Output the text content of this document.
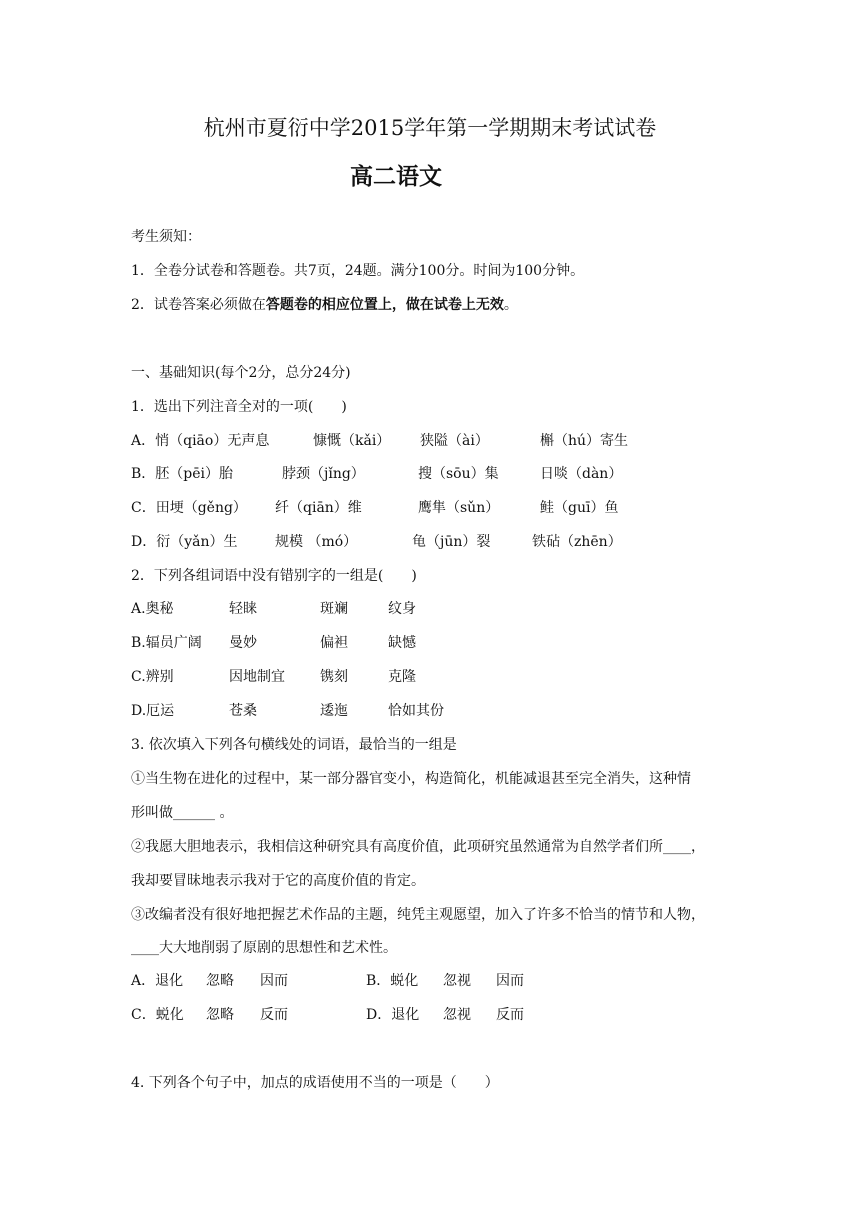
杭州市夏衍中学2015学年第一学期期末考试试卷
高二语文
考生须知：
1．全卷分试卷和答题卷。共7页，24题。满分100分。时间为100分钟。
2．试卷答案必须做在答题卷的相应位置上，做在试卷上无效。
一、基础知识(每个2分，总分24分)
1．选出下列注音全对的一项(　　)
A．悄（qiāo）无声息	慷慨（kǎi） 狭隘（ài）	槲（hú）寄生
B．胚（pēi）胎	脖颈（jǐng）	搜（sōu）集	日啖（dàn）
C．田埂（gěng） 纤（qiān）维	鹰隼（sǔn）	鲑（guī）鱼
D．衍（yǎn）生	规模 （mó）	龟（jūn）裂	铁砧（zhēn）
2．下列各组词语中没有错别字的一组是(　　)
A.奥秘	轻睐	斑斓	纹身
B.辐员广阔 曼妙	偏袒	缺憾
C.辨别	因地制宜	镌刻	克隆
D.厄运	苍桑	逶迤	恰如其份
3. 依次填入下列各句横线处的词语，最恰当的一组是
①当生物在进化的过程中，某一部分器官变小，构造简化，机能减退甚至完全消失，这种情
形叫做______ 。
②我愿大胆地表示，我相信这种研究具有高度价值，此项研究虽然通常为自然学者们所____，
我却要冒昧地表示我对于它的高度价值的肯定。
③改编者没有很好地把握艺术作品的主题，纯凭主观愿望，加入了许多不恰当的情节和人物，
____大大地削弱了原剧的思想性和艺术性。
A．退化 忽略 因而	B．蜕化 忽视 因而
C．蜕化 忽略 反而	D．退化 忽视 反而
4. 下列各个句子中，加点的成语使用不当的一项是（　　）
